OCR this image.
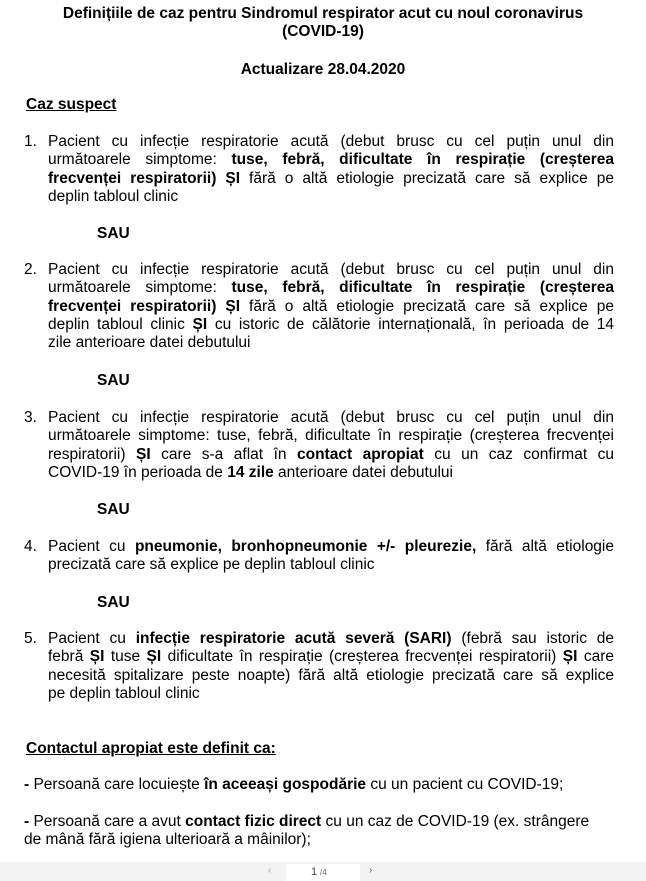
Definițiile de caz pentru Sindromul respirator acut cu noul coronavirus
(COVID-19)
Actualizare 28.04.2020
Caz suspect
1. Pacient cu infecție respiratorie acută (debut brusc cu cel puțin unul din
următoarele simptome: tuse, febră, dificultate în respirație (creșterea
frecvenței respiratorii) ȘI fără o altă etiologie precizată care să explice pe
deplin tabloul clinic
SAU
2. Pacient cu infecție respiratorie acută (debut brusc cu cel puțin unul din
următoarele simptome: tuse, febră, dificultate în respirație (creșterea
frecvenței respiratorii) ȘI fără o altă etiologie precizată care să explice pe
deplin tabloul clinic ȘI cu istoric de călătorie internațională, în perioada de 14
zile anterioare datei debutului
SAU
3. Pacient cu infecție respiratorie acută (debut brusc cu cel puțin unul din
următoarele simptome: tuse, febră, dificultate în respirație (creșterea frecvenței
respiratorii) ȘI care s-a aflat în contact apropiat cu un caz confirmat cu
COVID-19 în perioada de 14 zile anterioare datei debutului
SAU
4. Pacient cu pneumonie, bronhopneumonie +/- pleurezie, fără altă etiologie
precizată care să explice pe deplin tabloul clinic
SAU
5. Pacient cu infecție respiratorie acută severă (SARI) (febră sau istoric de
febră ȘI tuse ȘI dificultate în respirație (creșterea frecvenței respiratorii) ȘI care
necesită spitalizare peste noapte) fără altă etiologie precizată care să explice
pe deplin tabloul clinic
Contactul apropiat este definit ca:
- Persoană care locuiește în aceeași gospodărie cu un pacient cu COVID-19;
- Persoană care a avut contact fizic direct cu un caz de COVID-19 (ex. strângere
de mână fără igiena ulterioară a mâinilor);
‹	1 /4	›
